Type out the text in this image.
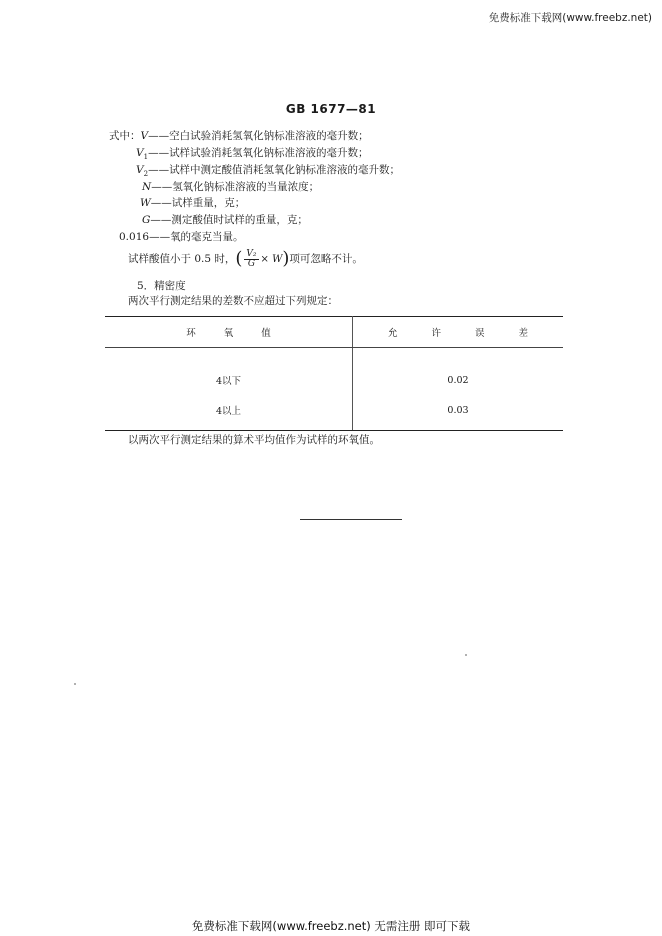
免费标准下载网(www.freebz.net)
GB 1677—81
式中：V——空白试验消耗氢氧化钠标准溶液的毫升数；
$V_1——$试样试验消耗氢氧化钠标准溶液的毫升数；
$V_2——$试样中测定酸值消耗氢氧化钠标准溶液的毫升数；
N——氢氧化钠标准溶液的当量浓度；
W——试样重量，克；
G——测定酸值时试样的重量，克；
0.016——氧的毫克当量。
试样酸值小于 0.5 时，( $\frac{\text{V₂}}{G} \times W$)项可忽略不计。
5．精密度
两次平行测定结果的差数不应超过下列规定：
环氧值	允许误差
4以下	0.02
4以上	0.03
以两次平行测定结果的算术平均值作为试样的环氧值。
免费标准下载网(www.freebz.net) 无需注册 即可下载
